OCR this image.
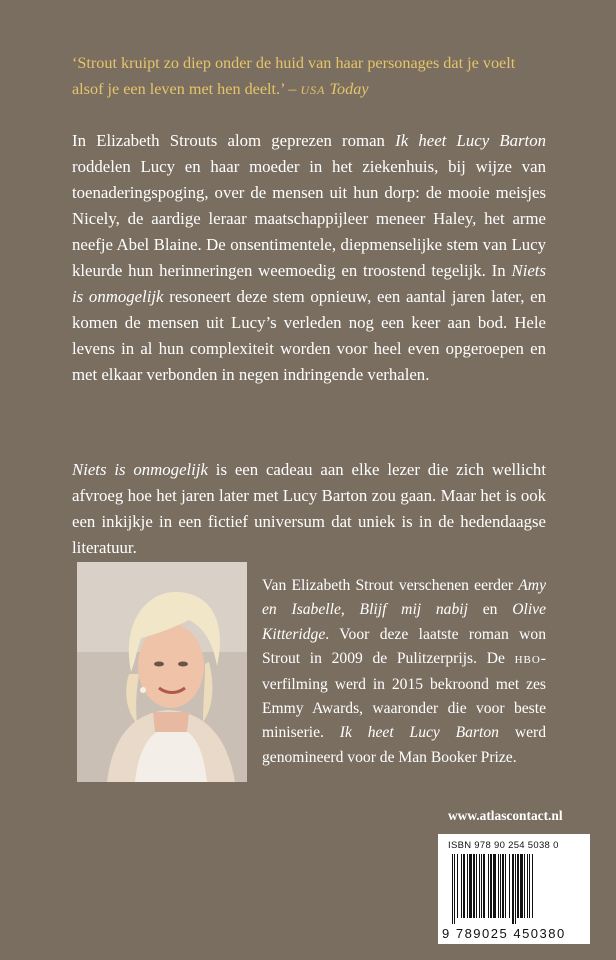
‘Strout kruipt zo diep onder de huid van haar personages dat je voelt alsof je een leven met hen deelt.’ – USA Today

In Elizabeth Strouts alom geprezen roman Ik heet Lucy Barton roddelen Lucy en haar moeder in het ziekenhuis, bij wijze van toenaderingspoging, over de mensen uit hun dorp: de mooie meisjes Nicely, de aardige leraar maatschappijleer meneer Haley, het arme neefje Abel Blaine. De onsentimentele, diepmenselijke stem van Lucy kleurde hun herinneringen weemoedig en troostend tegelijk. In Niets is onmogelijk resoneert deze stem opnieuw, een aantal jaren later, en komen de mensen uit Lucy’s verleden nog een keer aan bod. Hele levens in al hun complexiteit worden voor heel even opgeroepen en met elkaar verbonden in negen indringende verhalen.

Niets is onmogelijk is een cadeau aan elke lezer die zich wellicht afvroeg hoe het jaren later met Lucy Barton zou gaan. Maar het is ook een inkijkje in een fictief universum dat uniek is in de hedendaagse literatuur.

Van Elizabeth Strout verschenen eerder Amy en Isabelle, Blijf mij nabij en Olive Kitteridge. Voor deze laatste roman won Strout in 2009 de Pulitzerprijs. De HBO-verfilming werd in 2015 bekroond met zes Emmy Awards, waaronder die voor beste miniserie. Ik heet Lucy Barton werd genomineerd voor de Man Booker Prize.

www.atlascontact.nl
ISBN 978 90 254 5038 0
9 789025 450380
